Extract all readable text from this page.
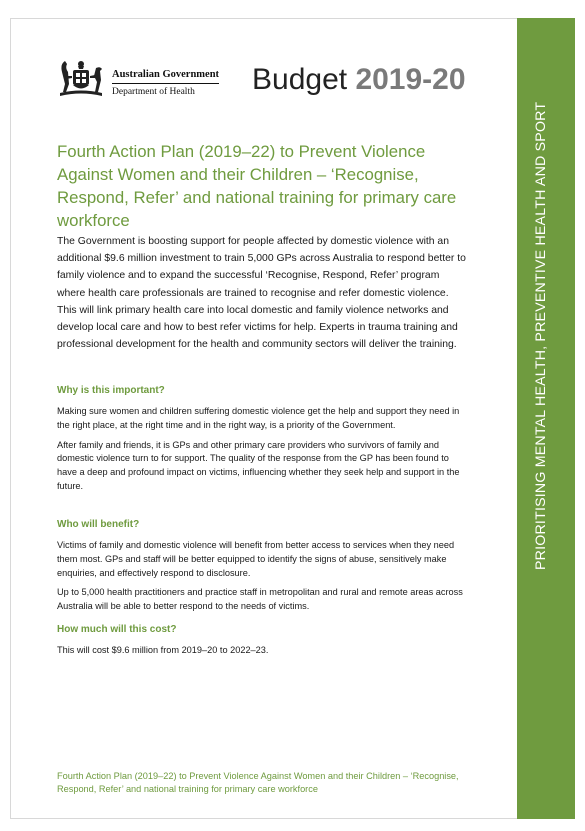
PRIORITISING MENTAL HEALTH, PREVENTIVE HEALTH AND SPORT
Australian Government
Department of Health	Budget 2019-20
Fourth Action Plan (2019–22) to Prevent Violence Against Women and their Children – ‘Recognise, Respond, Refer’ and national training for primary care workforce

The Government is boosting support for people affected by domestic violence with an additional $9.6 million investment to train 5,000 GPs across Australia to respond better to family violence and to expand the successful ‘Recognise, Respond, Refer’ program where health care professionals are trained to recognise and refer domestic violence. This will link primary health care into local domestic and family violence networks and develop local care and how to best refer victims for help. Experts in trauma training and professional development for the health and community sectors will deliver the training.

Why is this important?

Making sure women and children suffering domestic violence get the help and support they need in the right place, at the right time and in the right way, is a priority of the Government.

After family and friends, it is GPs and other primary care providers who survivors of family and domestic violence turn to for support. The quality of the response from the GP has been found to have a deep and profound impact on victims, influencing whether they seek help and support in the future.

Who will benefit?

Victims of family and domestic violence will benefit from better access to services when they need them most. GPs and staff will be better equipped to identify the signs of abuse, sensitively make enquiries, and effectively respond to disclosure.

Up to 5,000 health practitioners and practice staff in metropolitan and rural and remote areas across Australia will be able to better respond to the needs of victims.

How much will this cost?

This will cost $9.6 million from 2019–20 to 2022–23.

Fourth Action Plan (2019–22) to Prevent Violence Against Women and their Children – ‘Recognise, Respond, Refer’ and national training for primary care workforce
